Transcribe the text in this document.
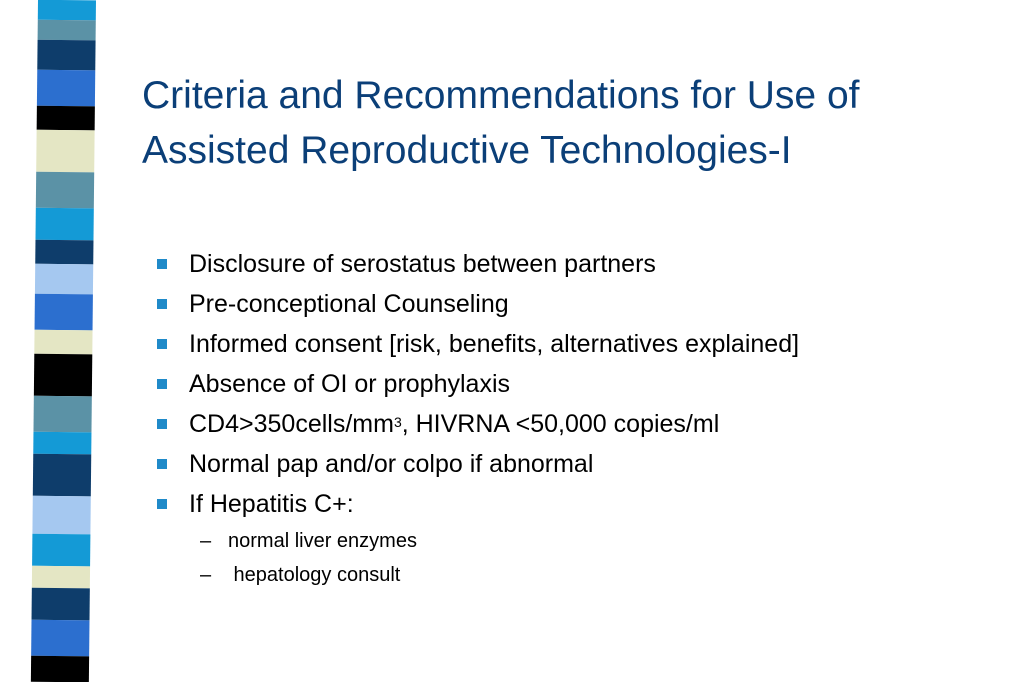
Criteria and Recommendations for Use of
Assisted Reproductive Technologies-I
Disclosure of serostatus between partners
Pre-conceptional Counseling
Informed consent [risk, benefits, alternatives explained]
Absence of OI or prophylaxis
$CD4>350cells/mm^3$, HIVRNA <50,000 copies/ml
Normal pap and/or colpo if abnormal
If Hepatitis C+:
– normal liver enzymes
– hepatology consult
